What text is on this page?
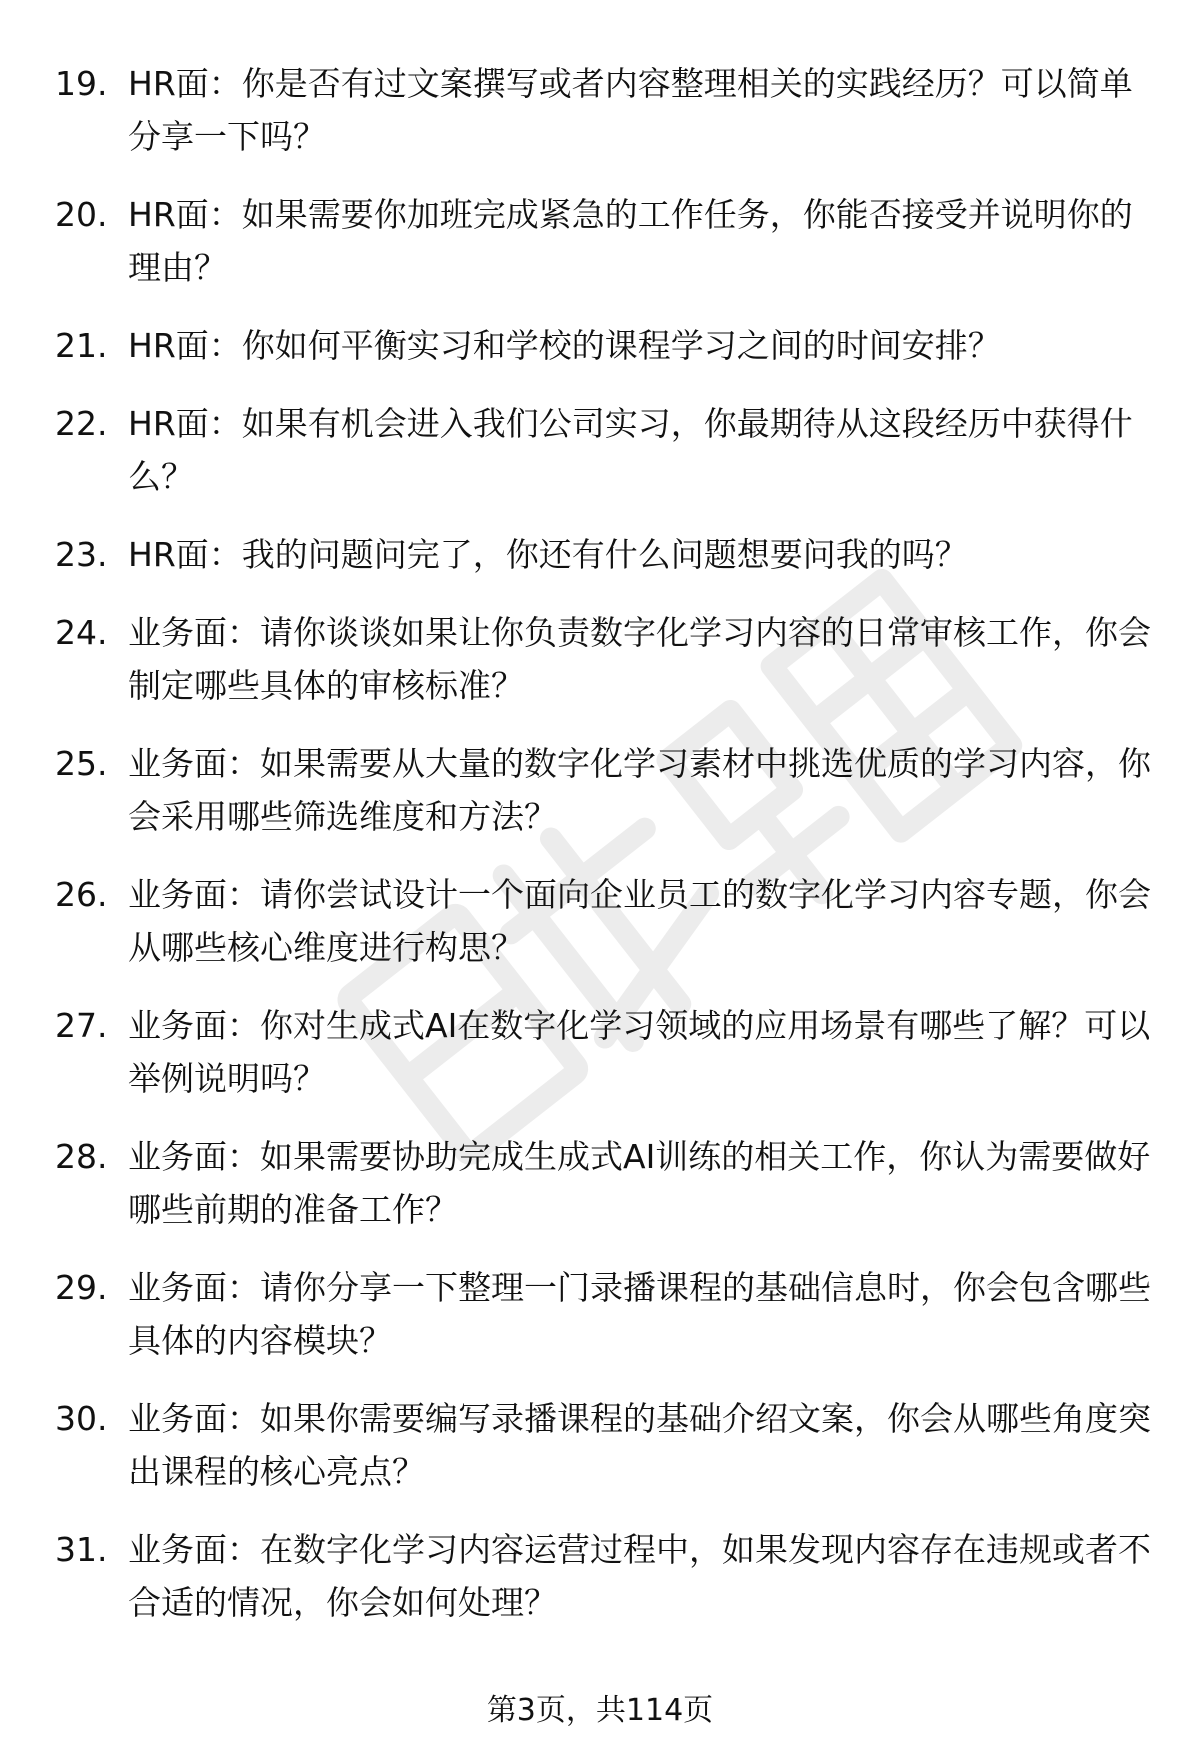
19. HR面：你是否有过文案撰写或者内容整理相关的实践经历？可以简单分享一下吗？
20. HR面：如果需要你加班完成紧急的工作任务，你能否接受并说明你的理由？
21. HR面：你如何平衡实习和学校的课程学习之间的时间安排？
22. HR面：如果有机会进入我们公司实习，你最期待从这段经历中获得什么？
23. HR面：我的问题问完了，你还有什么问题想要问我的吗？
24. 业务面：请你谈谈如果让你负责数字化学习内容的日常审核工作，你会制定哪些具体的审核标准？
25. 业务面：如果需要从大量的数字化学习素材中挑选优质的学习内容，你会采用哪些筛选维度和方法？
26. 业务面：请你尝试设计一个面向企业员工的数字化学习内容专题，你会从哪些核心维度进行构思？
27. 业务面：你对生成式AI在数字化学习领域的应用场景有哪些了解？可以举例说明吗？
28. 业务面：如果需要协助完成生成式AI训练的相关工作，你认为需要做好哪些前期的准备工作？
29. 业务面：请你分享一下整理一门录播课程的基础信息时，你会包含哪些具体的内容模块？
30. 业务面：如果你需要编写录播课程的基础介绍文案，你会从哪些角度突出课程的核心亮点？
31. 业务面：在数字化学习内容运营过程中，如果发现内容存在违规或者不合适的情况，你会如何处理？
第3页，共114页
